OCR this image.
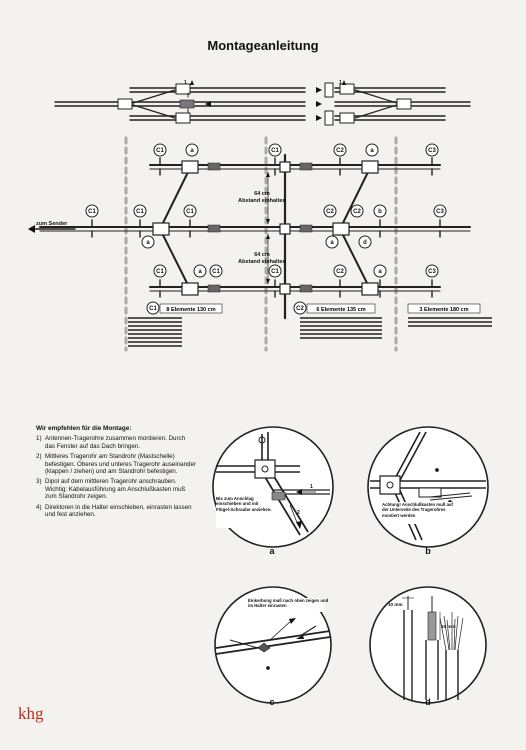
Montageanleitung
C1	a	C1	C2	a	C3
C1	C1	C1	C2	C2	b	C3
a	a	d
C1	a C1	C1	C2	a	C3
C1	C2
zum Sender
64 cm
Abstand einhalten
64 cm
Abstand einhalten
1	1
8 Elemente 130 cm	6 Elemente 135 cm	3 Elemente 180 cm
1
2
Bis zum Anschlag einschieben und mit Flügel-Schraube anziehen.
Achtung! Anschlußkasten muß auf der Unterseite des Tragerohres montiert werden
Einkerbung muß nach oben zeigen und im Halter einrasten	10 mm
15 mm
Wir empfehlen für die Montage:
1) Antennen-Tragerohre zusammen montieren. Durch das Fenster auf das Dach bringen.

2) Mittleres Tragerohr am Standrohr (Mastschelle) befestigen. Oberes und unteres Tragerohr auseinander (klappen / ziehen) und am Standrohr befestigen.

3) Dipol auf dem mittleren Tragerohr anschrauben. Wichtig: Kabelausführung am Anschlußkasten muß zum Standrohr zeigen.

4) Direktoren in die Halter einschieben, einrasten lassen und fest anziehen.

a	b
c	d
khg
